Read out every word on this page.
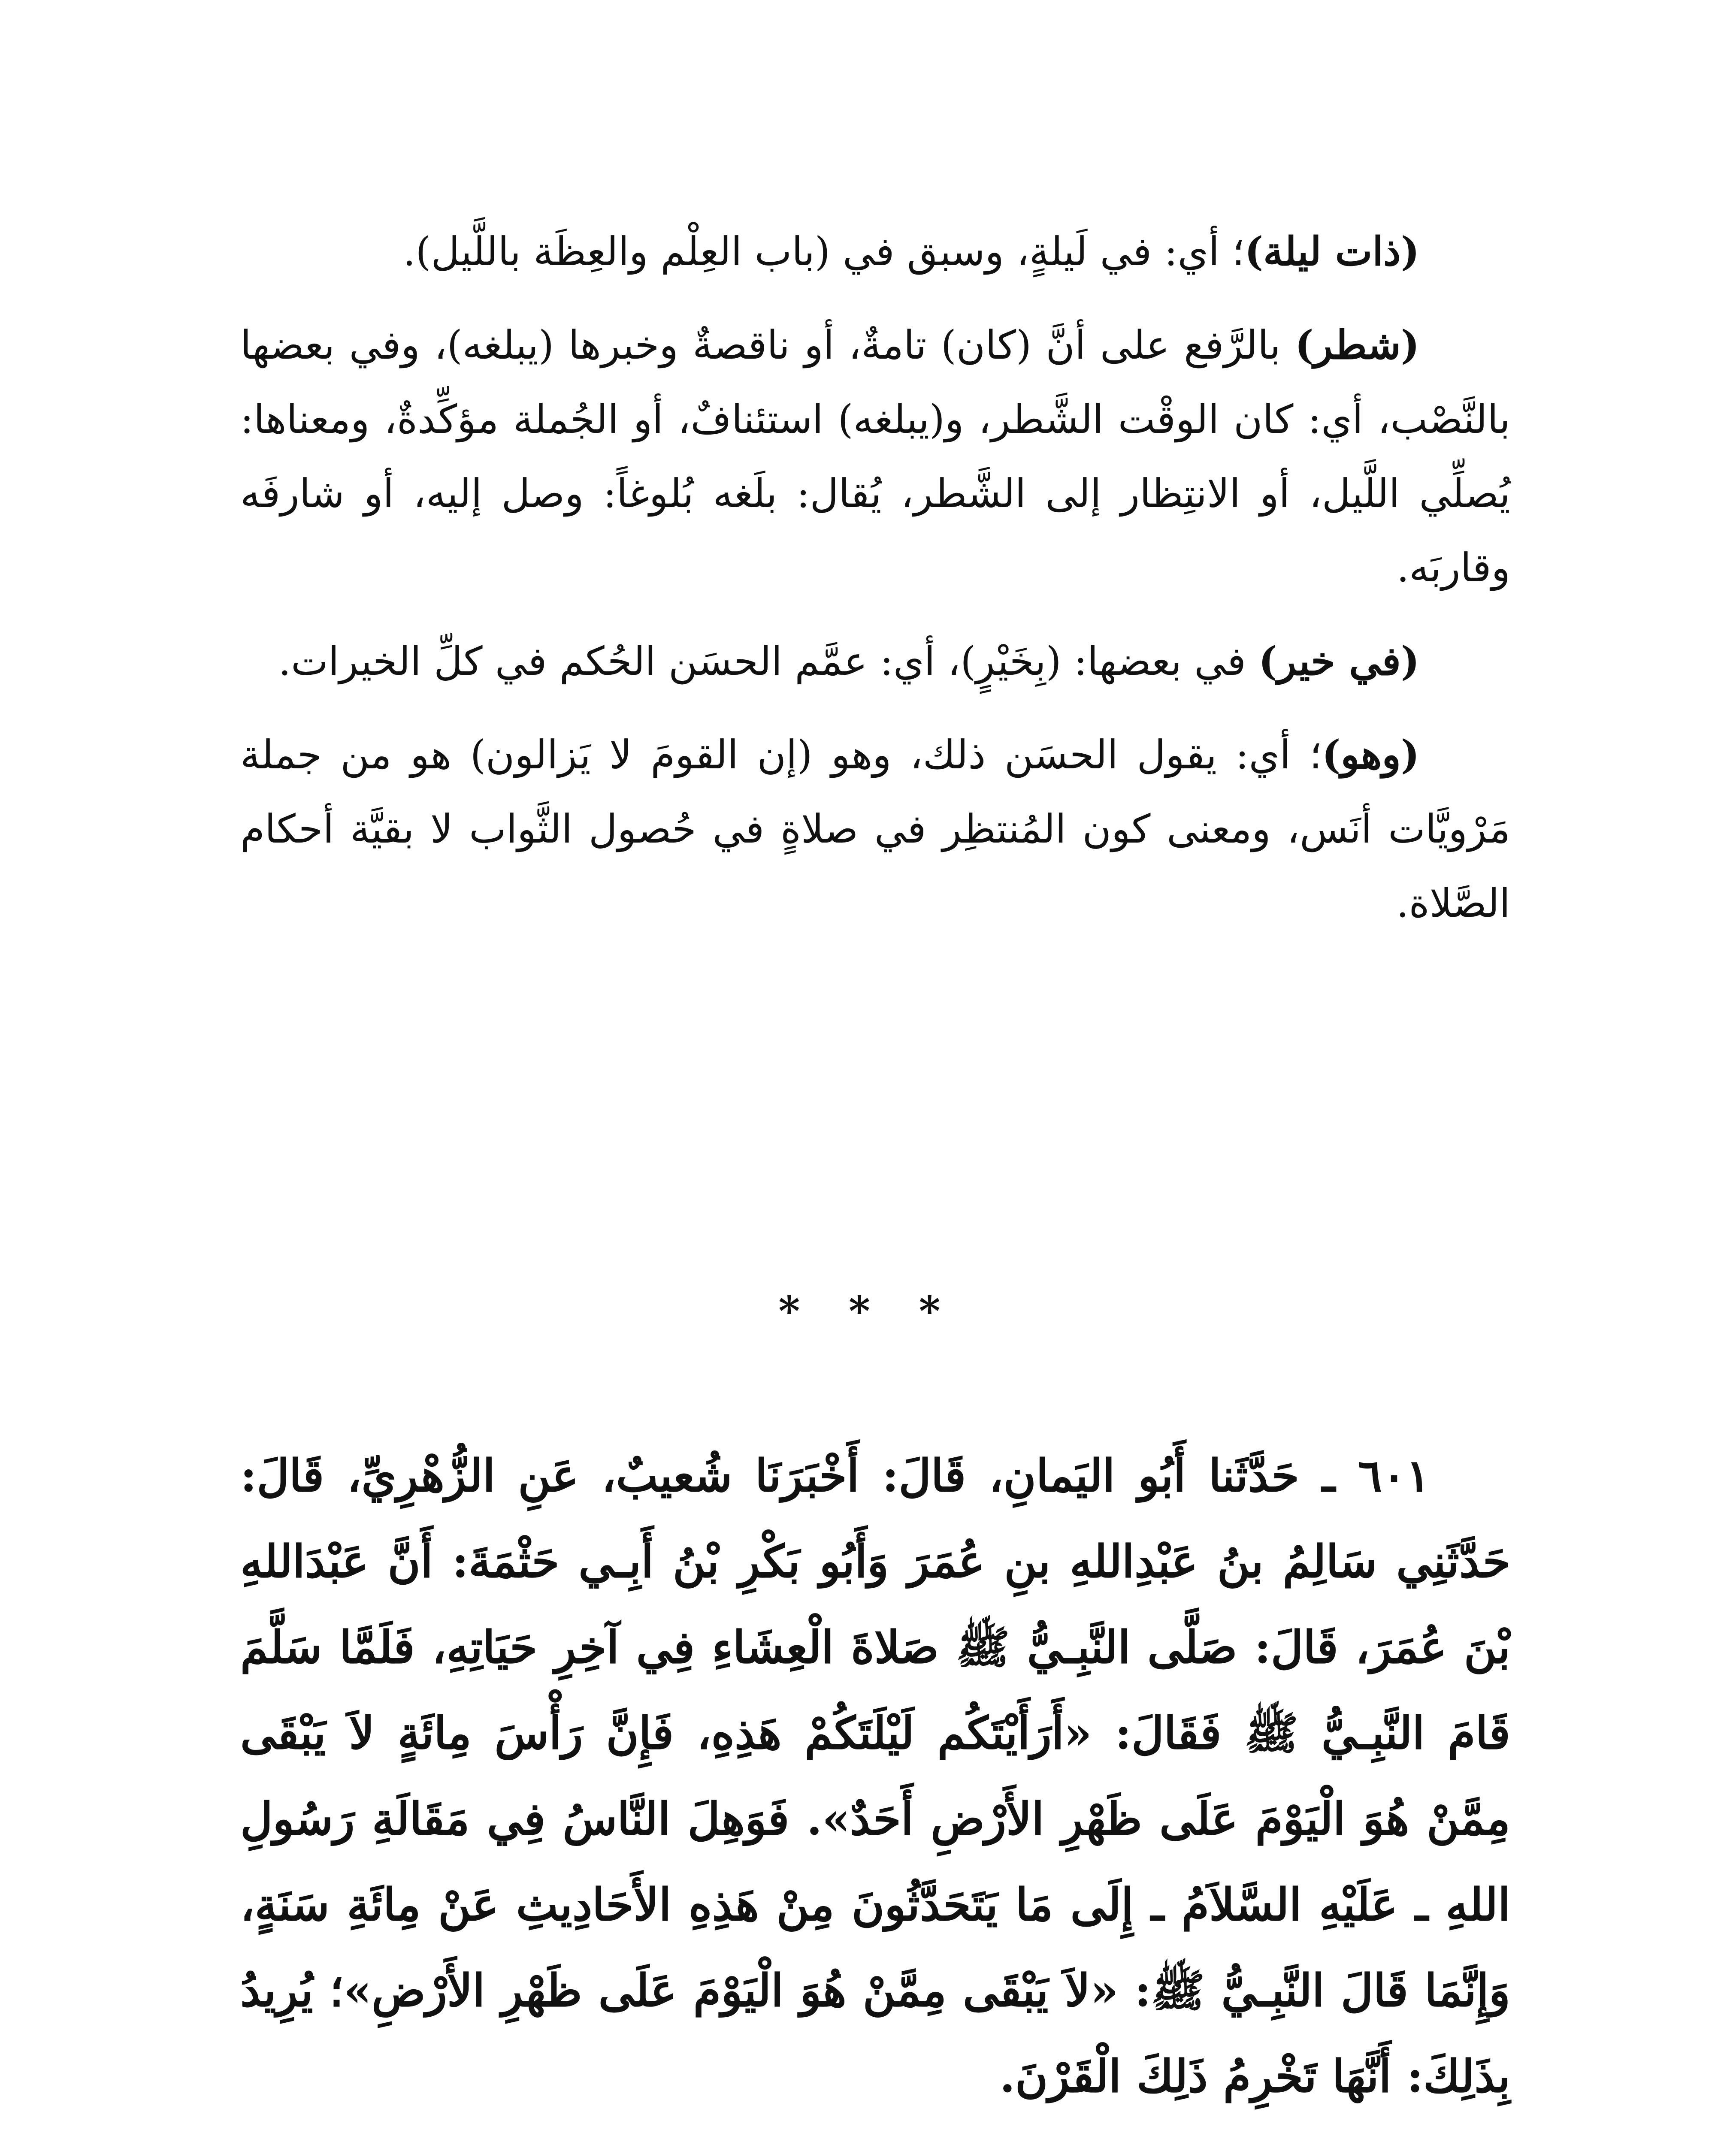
(ذات ليلة)؛ أي: في لَيلةٍ، وسبق في (باب العِلْم والعِظَة باللَّيل).

(شطر) بالرَّفع على أنَّ (كان) تامةٌ، أو ناقصةٌ وخبرها (يبلغه)، وفي بعضها بالنَّصْب، أي: كان الوقْت الشَّطر، و(يبلغه) استئنافٌ، أو الجُملة مؤكِّدةٌ، ومعناها: يُصلِّي اللَّيل، أو الانتِظار إلى الشَّطر، يُقال: بلَغه بُلوغاً: وصل إليه، أو شارفَه وقاربَه.

(في خير) في بعضها: (بِخَيْرٍ)، أي: عمَّم الحسَن الحُكم في كلِّ الخيرات.

(وهو)؛ أي: يقول الحسَن ذلك، وهو (إن القومَ لا يَزالون) هو من جملة مَرْويَّات أنَس، ومعنى كون المُنتظِر في صلاةٍ في حُصول الثَّواب لا بقيَّة أحكام الصَّلاة.

* * *

٦٠١ ـ حَدَّثَنا أَبُو اليَمانِ، قَالَ: أَخْبَرَنَا شُعيبٌ، عَنِ الزُّهْرِيِّ، قَالَ: حَدَّثَنِي سَالِمُ بنُ عَبْدِاللهِ بنِ عُمَرَ وَأَبُو بَكْرِ بْنُ أَبِـي حَثْمَةَ: أَنَّ عَبْدَاللهِ بْنَ عُمَرَ، قَالَ: صَلَّى النَّبِـيُّ ﷺ صَلاةَ الْعِشَاءِ فِي آخِرِ حَيَاتِهِ، فَلَمَّا سَلَّمَ قَامَ النَّبِـيُّ ﷺ فَقَالَ: «أَرَأَيْتَكُم لَيْلَتَكُمْ هَذِهِ، فَإِنَّ رَأْسَ مِائَةٍ لاَ يَبْقَى مِمَّنْ هُوَ الْيَوْمَ عَلَى ظَهْرِ الأَرْضِ أَحَدٌ». فَوَهِلَ النَّاسُ فِي مَقَالَةِ رَسُولِ اللهِ ـ عَلَيْهِ السَّلاَمُ ـ إِلَى مَا يَتَحَدَّثُونَ مِنْ هَذِهِ الأَحَادِيثِ عَنْ مِائَةِ سَنَةٍ، وَإِنَّمَا قَالَ النَّبِـيُّ ﷺ: «لاَ يَبْقَى مِمَّنْ هُوَ الْيَوْمَ عَلَى ظَهْرِ الأَرْضِ»؛ يُرِيدُ بِذَلِكَ: أَنَّهَا تَخْرِمُ ذَلِكَ الْقَرْنَ.
